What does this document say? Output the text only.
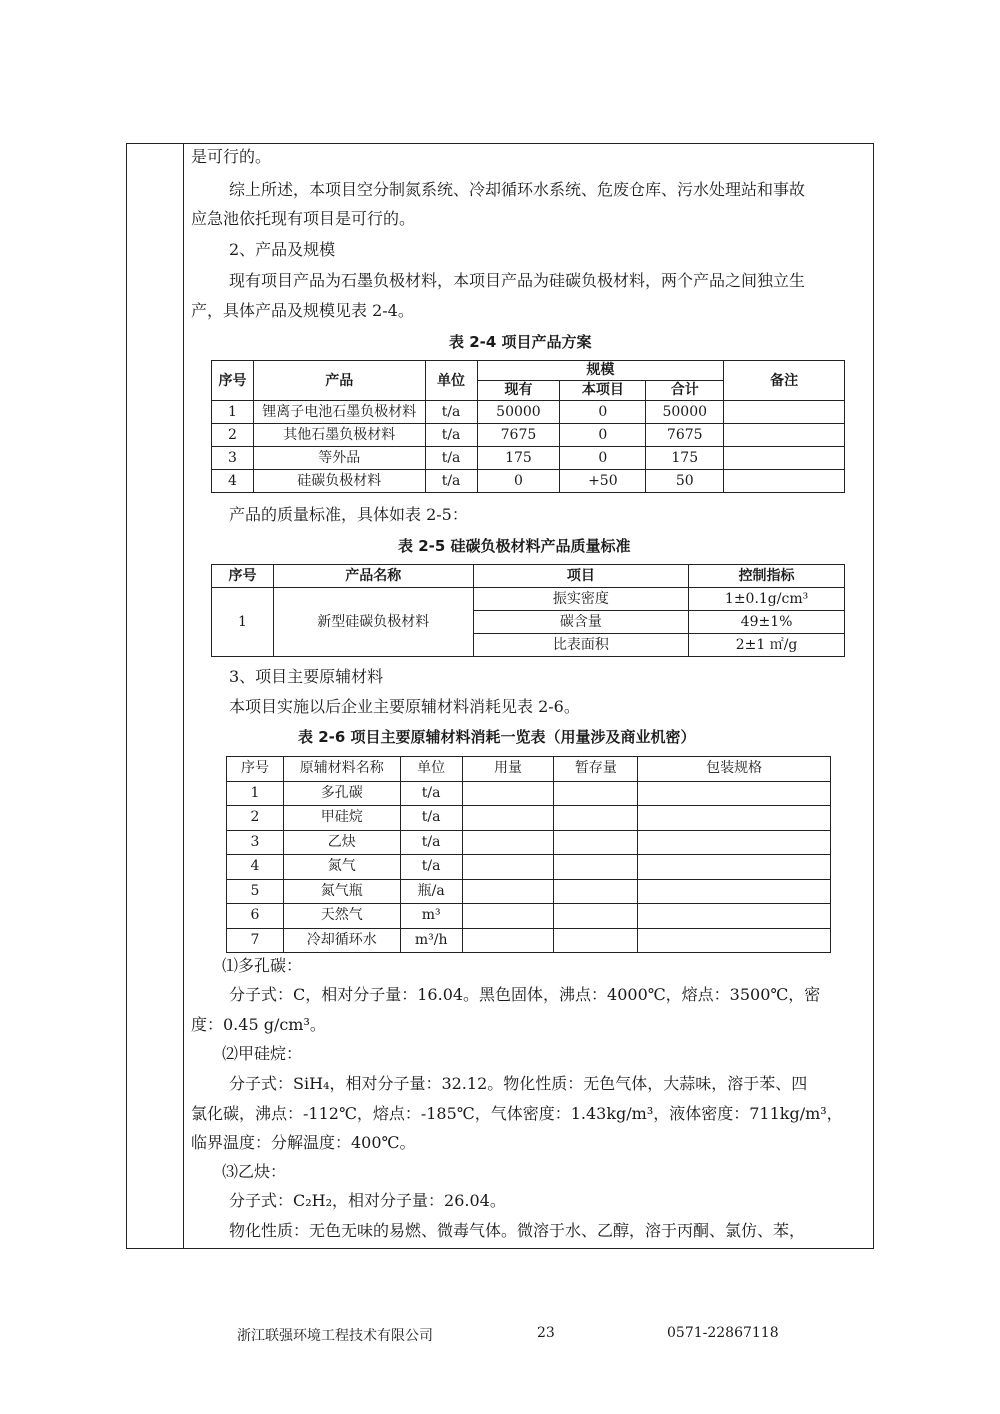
是可行的。
综上所述，本项目空分制氮系统、冷却循环水系统、危废仓库、污水处理站和事故
应急池依托现有项目是可行的。
2、产品及规模
现有项目产品为石墨负极材料，本项目产品为硅碳负极材料，两个产品之间独立生
产，具体产品及规模见表 2-4。
表 2-4 项目产品方案
序号	产品	单位	规模			备注
			现有	本项目	合计	
1	锂离子电池石墨负极材料	t/a	50000	0	50000	
2	其他石墨负极材料	t/a	7675	0	7675	
3	等外品	t/a	175	0	175	
4	硅碳负极材料	t/a	0	+50	50	
产品的质量标准，具体如表 2-5：
表 2-5 硅碳负极材料产品质量标准
序号	产品名称	项目	控制指标
1	新型硅碳负极材料	振实密度	1±0.1g/cm³
		碳含量	49±1%
		比表面积	2±1 ㎡/g
3、项目主要原辅材料
本项目实施以后企业主要原辅材料消耗见表 2-6。
表 2-6 项目主要原辅材料消耗一览表（用量涉及商业机密）
序号	原辅材料名称	单位	用量	暂存量	包装规格
1	多孔碳	t/a			
2	甲硅烷	t/a			
3	乙炔	t/a			
4	氮气	t/a			
5	氮气瓶	瓶/a			
6	天然气	m³			
7	冷却循环水	m³/h			
⑴多孔碳：
分子式：C，相对分子量：16.04。黑色固体，沸点：4000℃，熔点：3500℃，密
度：0.45 g/cm³。
⑵甲硅烷：
分子式：SiH₄，相对分子量：32.12。物化性质：无色气体，大蒜味，溶于苯、四
氯化碳，沸点：-112℃，熔点：-185℃，气体密度：1.43kg/m³，液体密度：711kg/m³，
临界温度：分解温度：400℃。
⑶乙炔：
分子式：C₂H₂，相对分子量：26.04。
物化性质：无色无味的易燃、微毒气体。微溶于水、乙醇，溶于丙酮、氯仿、苯，
浙江联强环境工程技术有限公司	23	0571-22867118
